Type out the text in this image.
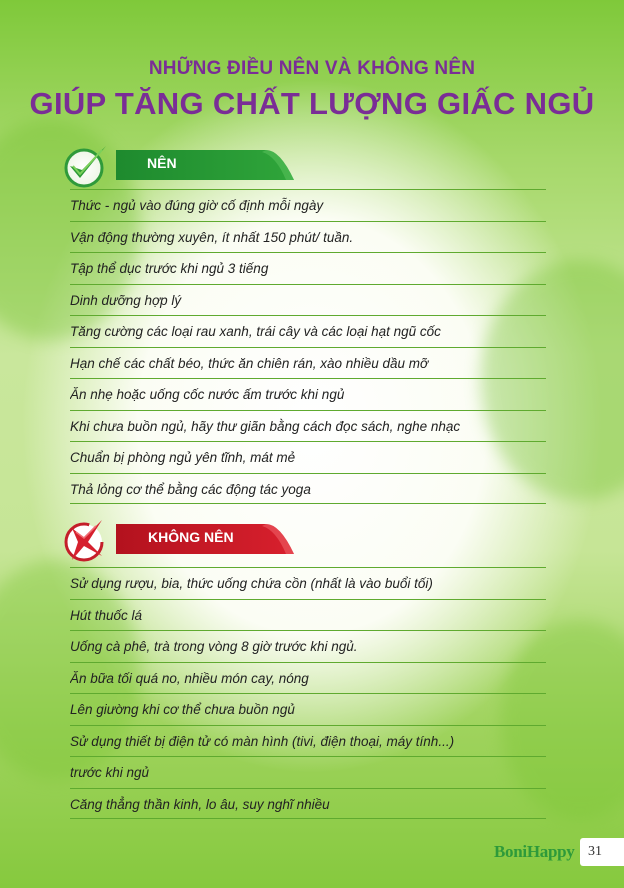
NHỮNG ĐIỀU NÊN VÀ KHÔNG NÊN
GIÚP TĂNG CHẤT LƯỢNG GIẤC NGỦ
NÊN
Thức - ngủ vào đúng giờ cố định mỗi ngày
Vận động thường xuyên, ít nhất 150 phút/ tuần.
Tập thể dục trước khi ngủ 3 tiếng
Dinh dưỡng hợp lý
Tăng cường các loại rau xanh, trái cây và các loại hạt ngũ cốc
Hạn chế các chất béo, thức ăn chiên rán, xào nhiều dầu mỡ
Ăn nhẹ hoặc uống cốc nước ấm trước khi ngủ
Khi chưa buồn ngủ, hãy thư giãn bằng cách đọc sách, nghe nhạc
Chuẩn bị phòng ngủ yên tĩnh, mát mẻ
Thả lỏng cơ thể bằng các động tác yoga
KHÔNG NÊN
Sử dụng rượu, bia, thức uống chứa cồn (nhất là vào buổi tối)
Hút thuốc lá
Uống cà phê, trà trong vòng 8 giờ trước khi ngủ.
Ăn bữa tối quá no, nhiều món cay, nóng
Lên giường khi cơ thể chưa buồn ngủ
Sử dụng thiết bị điện tử có màn hình (tivi, điện thoại, máy tính...)
trước khi ngủ
Căng thẳng thần kinh, lo âu, suy nghĩ nhiều
BoniHappy 31
